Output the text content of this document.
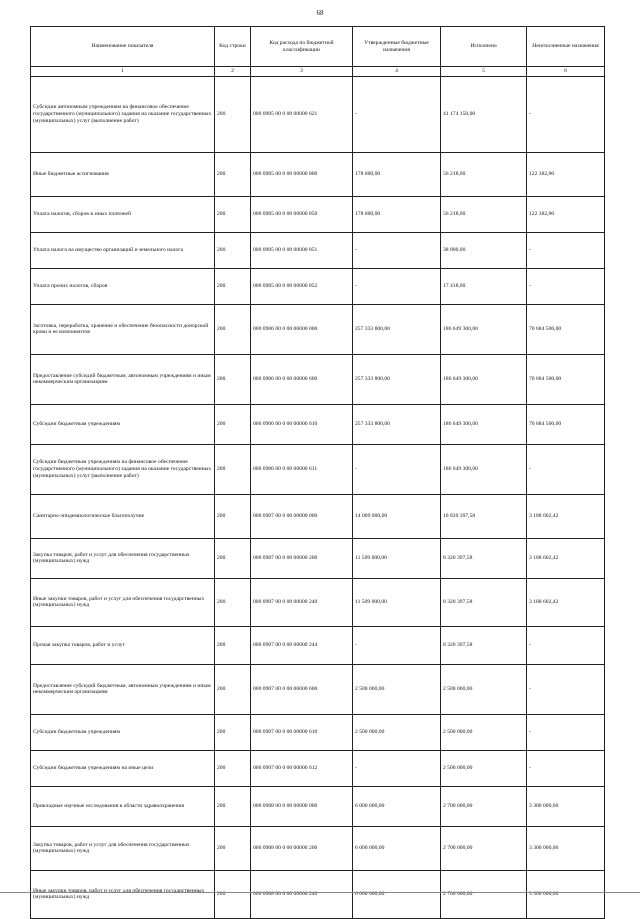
68
Наименование показателя	Код строки	Код расхода по бюджетной классификации	Утвержденные бюджетные назначения	Исполнено	Неисполненные назначения
1	2	3	4	5	6
Субсидии автономным учреждениям на финансовое обеспечение государственного (муниципального) задания на оказание государственных (муниципальных) услуг (выполнение работ)	200	000 0905 00 0 00 00000 621	-	41 174 150,00	-
Иные бюджетные ассигнования	200	000 0905 00 0 00 00000 800	178 600,00	56 218,00	122 382,00
Уплата налогов, сборов и иных платежей	200	000 0905 00 0 00 00000 850	178 600,00	56 218,00	122 382,00
Уплата налога на имущество организаций и земельного налога	200	000 0905 00 0 00 00000 851	-	38 800,00	-
Уплата прочих налогов, сборов	200	000 0905 00 0 00 00000 852	-	17 418,00	-
Заготовка, переработка, хранение и обеспечение безопасности донорской крови и ее компонентов	200	000 0906 00 0 00 00000 000	257 333 800,00	186 649 300,00	70 684 500,00
Предоставление субсидий бюджетным, автономным учреждениям и иным некоммерческим организациям	200	000 0906 00 0 00 00000 600	257 333 800,00	186 649 300,00	70 684 500,00
Субсидии бюджетным учреждениям	200	000 0906 00 0 00 00000 610	257 333 800,00	186 649 300,00	70 684 500,00
Субсидии бюджетным учреждениям на финансовое обеспечение государственного (муниципального) задания на оказание государственных (муниципальных) услуг (выполнение работ)	200	000 0906 00 0 00 00000 611	-	186 649 300,00	-
Санитарно-эпидемиологическое благополучие	200	000 0907 00 0 00 00000 000	14 009 000,00	10 820 397,58	3 188 602,42
Закупка товаров, работ и услуг для обеспечения государственных (муниципальных) нужд	200	000 0907 00 0 00 00000 200	11 509 000,00	8 320 397,58	3 188 602,42
Иные закупки товаров, работ и услуг для обеспечения государственных (муниципальных) нужд	200	000 0907 00 0 00 00000 240	11 509 000,00	8 320 397,58	3 188 602,42
Прочая закупка товаров, работ и услуг	200	000 0907 00 0 00 00000 244	-	8 320 397,58	-
Предоставление субсидий бюджетным, автономным учреждениям и иным некоммерческим организациям	200	000 0907 00 0 00 00000 600	2 500 000,00	2 500 000,00	-
Субсидии бюджетным учреждениям	200	000 0907 00 0 00 00000 610	2 500 000,00	2 500 000,00	-
Субсидии бюджетным учреждениям на иные цели	200	000 0907 00 0 00 00000 612	-	2 500 000,00	-
Прикладные научные исследования в области здравоохранения	200	000 0908 00 0 00 00000 000	6 000 000,00	2 700 000,00	3 300 000,00
Закупка товаров, работ и услуг для обеспечения государственных (муниципальных) нужд	200	000 0908 00 0 00 00000 200	6 000 000,00	2 700 000,00	3 300 000,00
Иные закупки товаров, работ и услуг для обеспечения государственных (муниципальных) нужд	200	000 0908 00 0 00 00000 240	6 000 000,00	2 700 000,00	3 300 000,00
